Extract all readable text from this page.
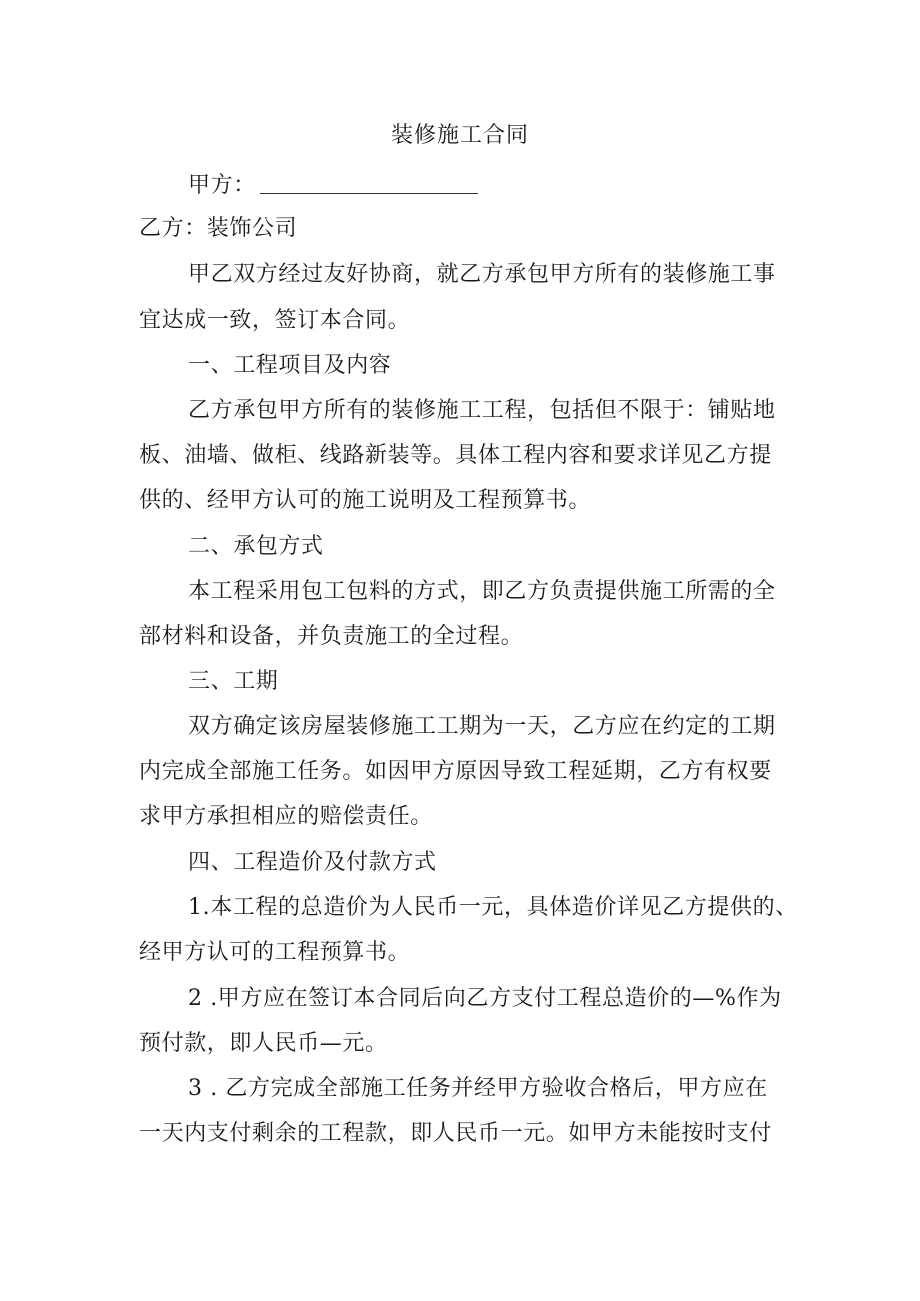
装修施工合同
甲方：
乙方：装饰公司
甲乙双方经过友好协商，就乙方承包甲方所有的装修施工事
宜达成一致，签订本合同。
一、工程项目及内容
乙方承包甲方所有的装修施工工程，包括但不限于：铺贴地
板、油墙、做柜、线路新装等。具体工程内容和要求详见乙方提
供的、经甲方认可的施工说明及工程预算书。
二、承包方式
本工程采用包工包料的方式，即乙方负责提供施工所需的全
部材料和设备，并负责施工的全过程。
三、工期
双方确定该房屋装修施工工期为一天，乙方应在约定的工期
内完成全部施工任务。如因甲方原因导致工程延期，乙方有权要
求甲方承担相应的赔偿责任。
四、工程造价及付款方式
1.本工程的总造价为人民币一元，具体造价详见乙方提供的、
经甲方认可的工程预算书。
2 .甲方应在签订本合同后向乙方支付工程总造价的—%作为
预付款，即人民币—元。
3 . 乙方完成全部施工任务并经甲方验收合格后，甲方应在
一天内支付剩余的工程款，即人民币一元。如甲方未能按时支付
